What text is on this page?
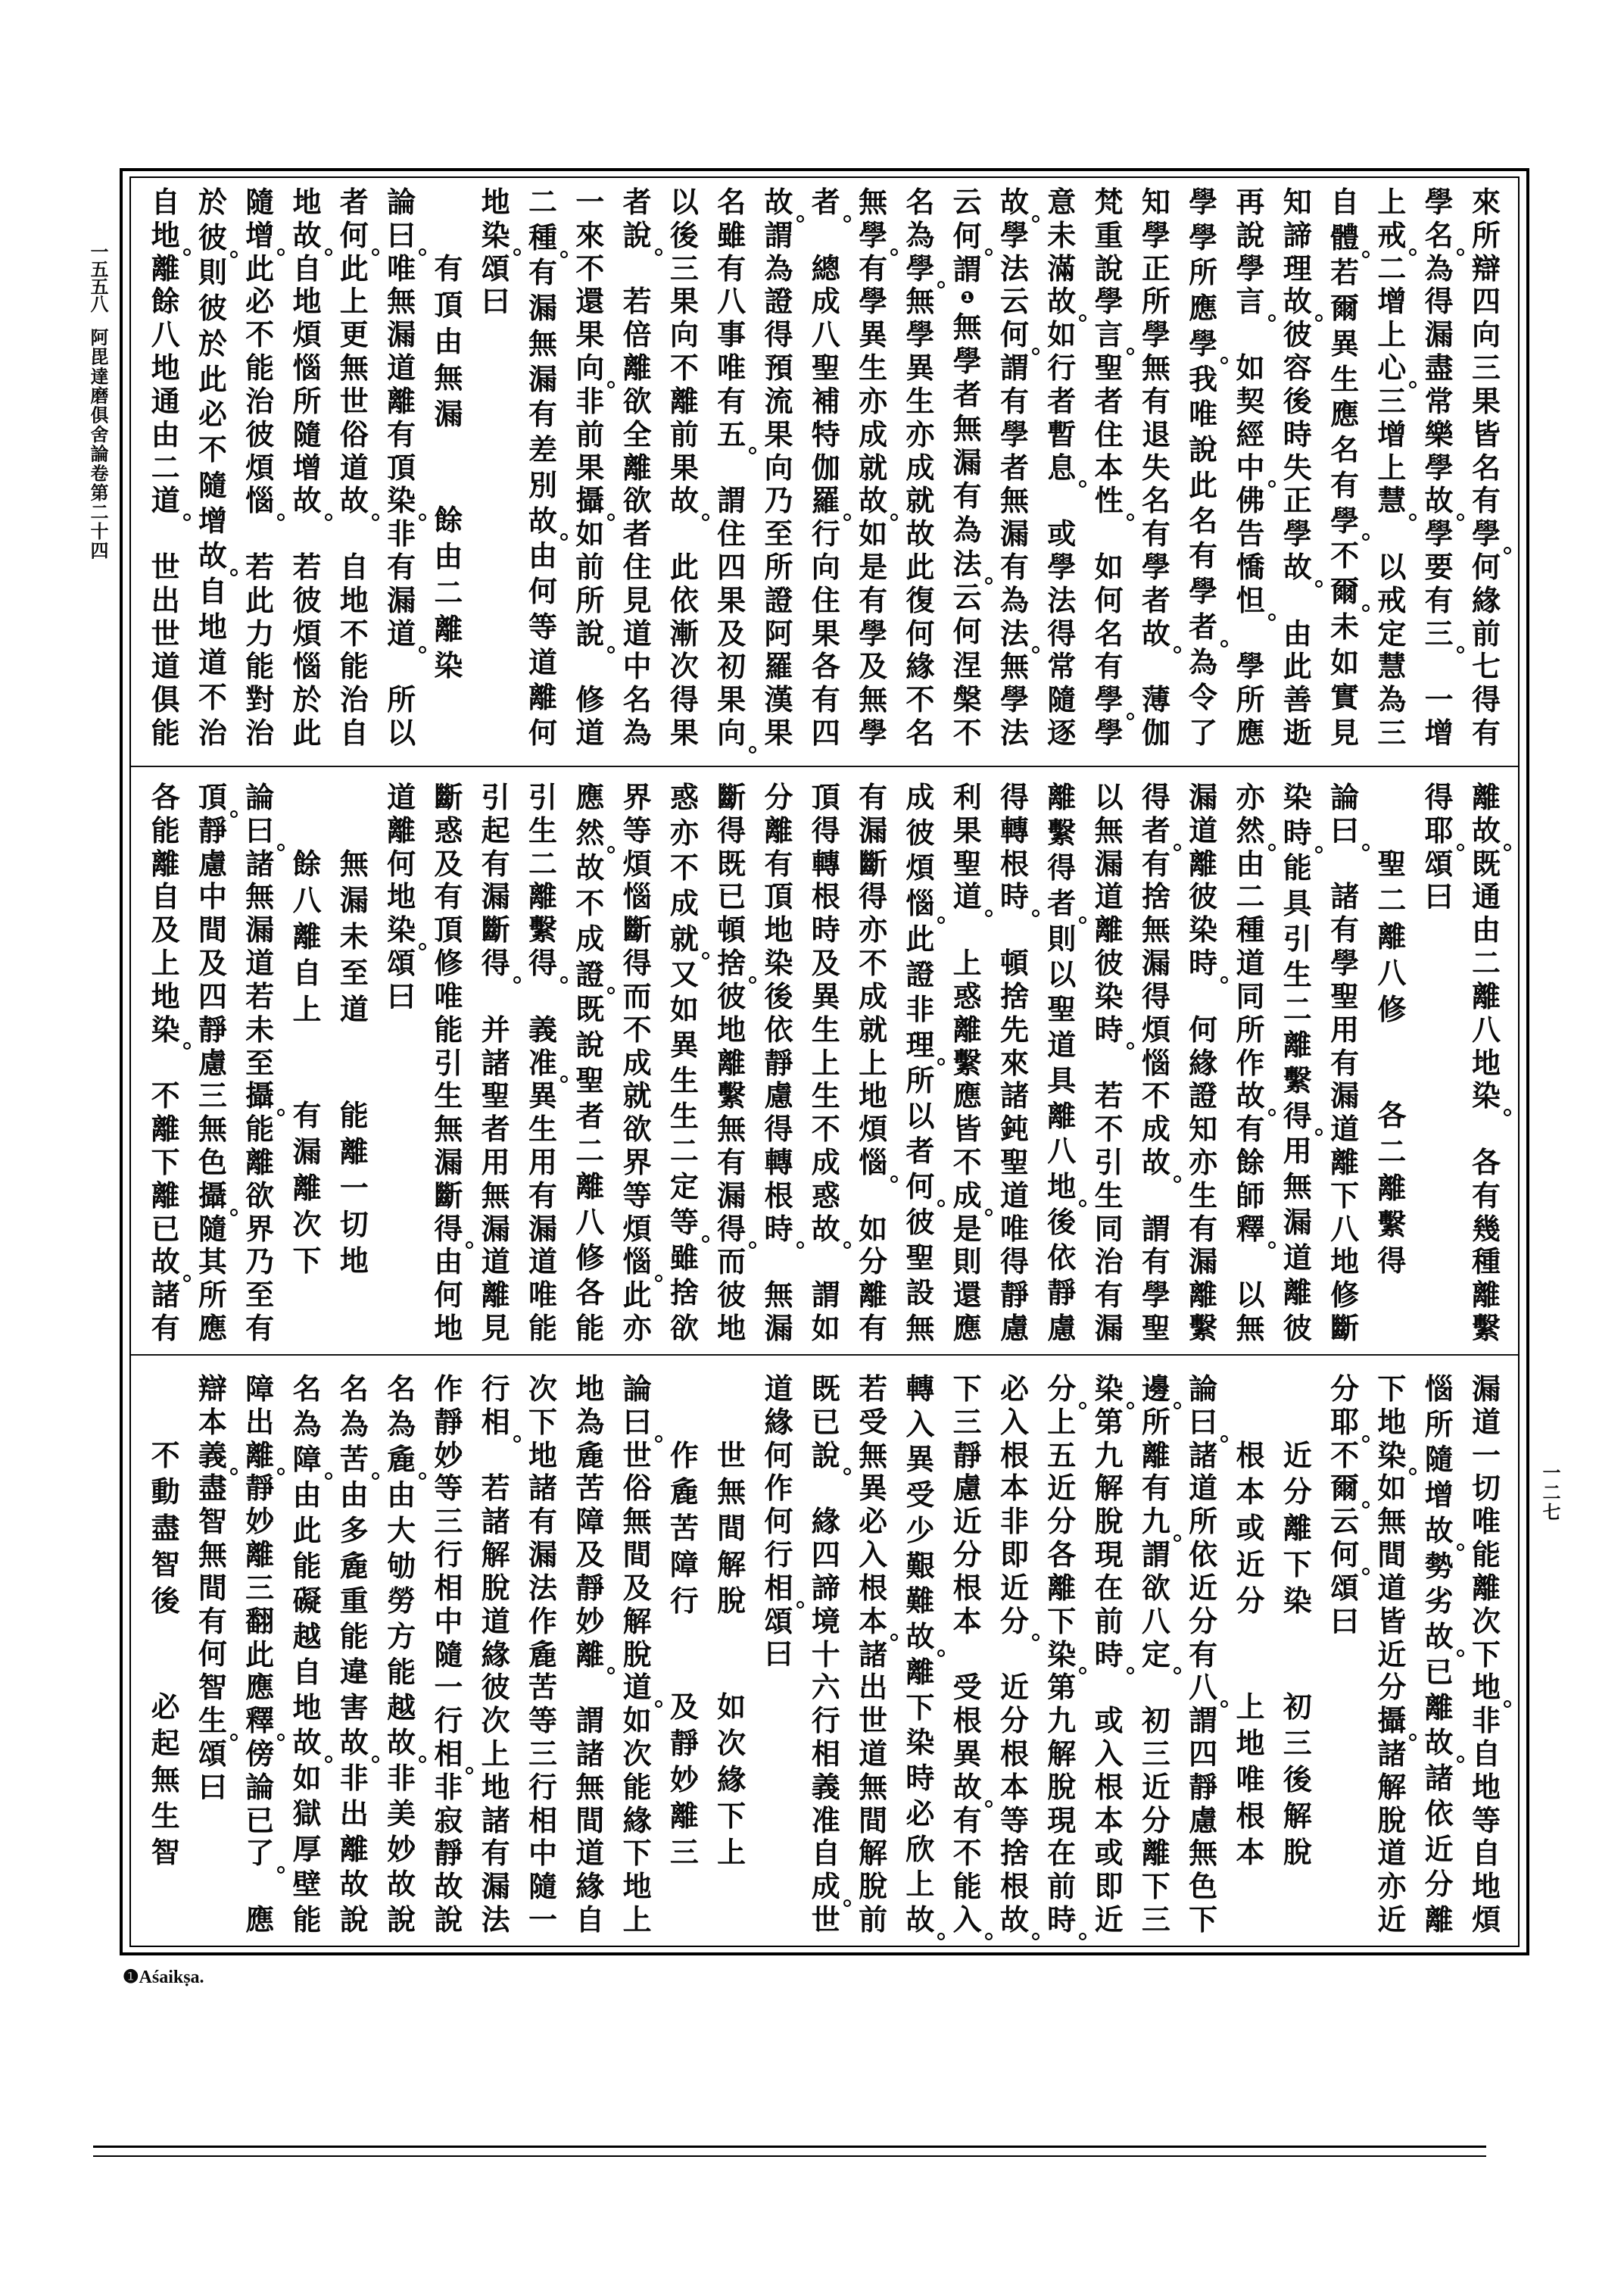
來
所
辯
四
向
三
果
皆
名
有
學
何
緣
前
七
得
有
學
名
為
得
漏
盡
常
樂
學
故
學
要
有
三
一
增
上
戒
二
增
上
心
三
增
上
慧
以
戒
定
慧
為
三
自
體
若
爾
異
生
應
名
有
學
不
爾
未
如
實
見
知
諦
理
故
彼
容
後
時
失
正
學
故
由
此
善
逝
再
說
學
言
如
契
經
中
佛
告
憍
怛
學
所
應
學
學
所
應
學
我
唯
說
此
名
有
學
者
為
令
了
知
學
正
所
學
無
有
退
失
名
有
學
者
故
薄
伽
梵
重
說
學
言
聖
者
住
本
性
如
何
名
有
學
學
意
未
滿
故
如
行
者
暫
息
或
學
法
得
常
隨
逐
故
學
法
云
何
謂
有
學
者
無
漏
有
為
法
無
學
法
云
何
謂
❶
無
學
者
無
漏
有
為
法
云
何
涅
槃
不
名
為
學
無
學
異
生
亦
成
就
故
此
復
何
緣
不
名
無
學
有
學
異
生
亦
成
就
故
如
是
有
學
及
無
學
者
總
成
八
聖
補
特
伽
羅
行
向
住
果
各
有
四
故
謂
為
證
得
預
流
果
向
乃
至
所
證
阿
羅
漢
果
名
雖
有
八
事
唯
有
五
謂
住
四
果
及
初
果
向
以
後
三
果
向
不
離
前
果
故
此
依
漸
次
得
果
者
說
若
倍
離
欲
全
離
欲
者
住
見
道
中
名
為
一
來
不
還
果
向
非
前
果
攝
如
前
所
說
修
道
二
種
有
漏
無
漏
有
差
別
故
由
何
等
道
離
何
地
染
頌
曰
有
頂
由
無
漏
餘
由
二
離
染
論
曰
唯
無
漏
道
離
有
頂
染
非
有
漏
道
所
以
者
何
此
上
更
無
世
俗
道
故
自
地
不
能
治
自
地
故
自
地
煩
惱
所
隨
增
故
若
彼
煩
惱
於
此
隨
增
此
必
不
能
治
彼
煩
惱
若
此
力
能
對
治
於
彼
則
彼
於
此
必
不
隨
增
故
自
地
道
不
治
自
地
離
餘
八
地
通
由
二
道
世
出
世
道
俱
能
離
故
既
通
由
二
離
八
地
染
各
有
幾
種
離
繫
得
耶
頌
曰
聖
二
離
八
修
各
二
離
繫
得
論
曰
諸
有
學
聖
用
有
漏
道
離
下
八
地
修
斷
染
時
能
具
引
生
二
離
繫
得
用
無
漏
道
離
彼
亦
然
由
二
種
道
同
所
作
故
有
餘
師
釋
以
無
漏
道
離
彼
染
時
何
緣
證
知
亦
生
有
漏
離
繫
得
者
有
捨
無
漏
得
煩
惱
不
成
故
謂
有
學
聖
以
無
漏
道
離
彼
染
時
若
不
引
生
同
治
有
漏
離
繫
得
者
則
以
聖
道
具
離
八
地
後
依
靜
慮
得
轉
根
時
頓
捨
先
來
諸
鈍
聖
道
唯
得
靜
慮
利
果
聖
道
上
惑
離
繫
應
皆
不
成
是
則
還
應
成
彼
煩
惱
此
證
非
理
所
以
者
何
彼
聖
設
無
有
漏
斷
得
亦
不
成
就
上
地
煩
惱
如
分
離
有
頂
得
轉
根
時
及
異
生
上
生
不
成
惑
故
謂
如
分
離
有
頂
地
染
後
依
靜
慮
得
轉
根
時
無
漏
斷
得
既
已
頓
捨
彼
地
離
繫
無
有
漏
得
而
彼
地
惑
亦
不
成
就
又
如
異
生
生
二
定
等
雖
捨
欲
界
等
煩
惱
斷
得
而
不
成
就
欲
界
等
煩
惱
此
亦
應
然
故
不
成
證
既
說
聖
者
二
離
八
修
各
能
引
生
二
離
繫
得
義
准
異
生
用
有
漏
道
唯
能
引
起
有
漏
斷
得
并
諸
聖
者
用
無
漏
道
離
見
斷
惑
及
有
頂
修
唯
能
引
生
無
漏
斷
得
由
何
地
道
離
何
地
染
頌
曰
無
漏
未
至
道
能
離
一
切
地
餘
八
離
自
上
有
漏
離
次
下
論
曰
諸
無
漏
道
若
未
至
攝
能
離
欲
界
乃
至
有
頂
靜
慮
中
間
及
四
靜
慮
三
無
色
攝
隨
其
所
應
各
能
離
自
及
上
地
染
不
離
下
離
已
故
諸
有
漏
道
一
切
唯
能
離
次
下
地
非
自
地
等
自
地
煩
惱
所
隨
增
故
勢
劣
故
已
離
故
諸
依
近
分
離
下
地
染
如
無
間
道
皆
近
分
攝
諸
解
脫
道
亦
近
分
耶
不
爾
云
何
頌
曰
近
分
離
下
染
初
三
後
解
脫
根
本
或
近
分
上
地
唯
根
本
論
曰
諸
道
所
依
近
分
有
八
謂
四
靜
慮
無
色
下
邊
所
離
有
九
謂
欲
八
定
初
三
近
分
離
下
三
染
第
九
解
脫
現
在
前
時
或
入
根
本
或
即
近
分
上
五
近
分
各
離
下
染
第
九
解
脫
現
在
前
時
必
入
根
本
非
即
近
分
近
分
根
本
等
捨
根
故
下
三
靜
慮
近
分
根
本
受
根
異
故
有
不
能
入
轉
入
異
受
少
艱
難
故
離
下
染
時
必
欣
上
故
若
受
無
異
必
入
根
本
諸
出
世
道
無
間
解
脫
前
既
已
說
緣
四
諦
境
十
六
行
相
義
准
自
成
世
道
緣
何
作
何
行
相
頌
曰
世
無
間
解
脫
如
次
緣
下
上
作
麁
苦
障
行
及
靜
妙
離
三
論
曰
世
俗
無
間
及
解
脫
道
如
次
能
緣
下
地
上
地
為
麁
苦
障
及
靜
妙
離
謂
諸
無
間
道
緣
自
次
下
地
諸
有
漏
法
作
麁
苦
等
三
行
相
中
隨
一
行
相
若
諸
解
脫
道
緣
彼
次
上
地
諸
有
漏
法
作
靜
妙
等
三
行
相
中
隨
一
行
相
非
寂
靜
故
說
名
為
麁
由
大
劬
勞
方
能
越
故
非
美
妙
故
說
名
為
苦
由
多
麁
重
能
違
害
故
非
出
離
故
說
名
為
障
由
此
能
礙
越
自
地
故
如
獄
厚
壁
能
障
出
離
靜
妙
離
三
翻
此
應
釋
傍
論
已
了
應
辯
本
義
盡
智
無
間
有
何
智
生
頌
曰
不
動
盡
智
後
必
起
無
生
智
一五五八
阿毘達磨俱舍論卷第二十四
一二七
❶Aśaikṣa.
